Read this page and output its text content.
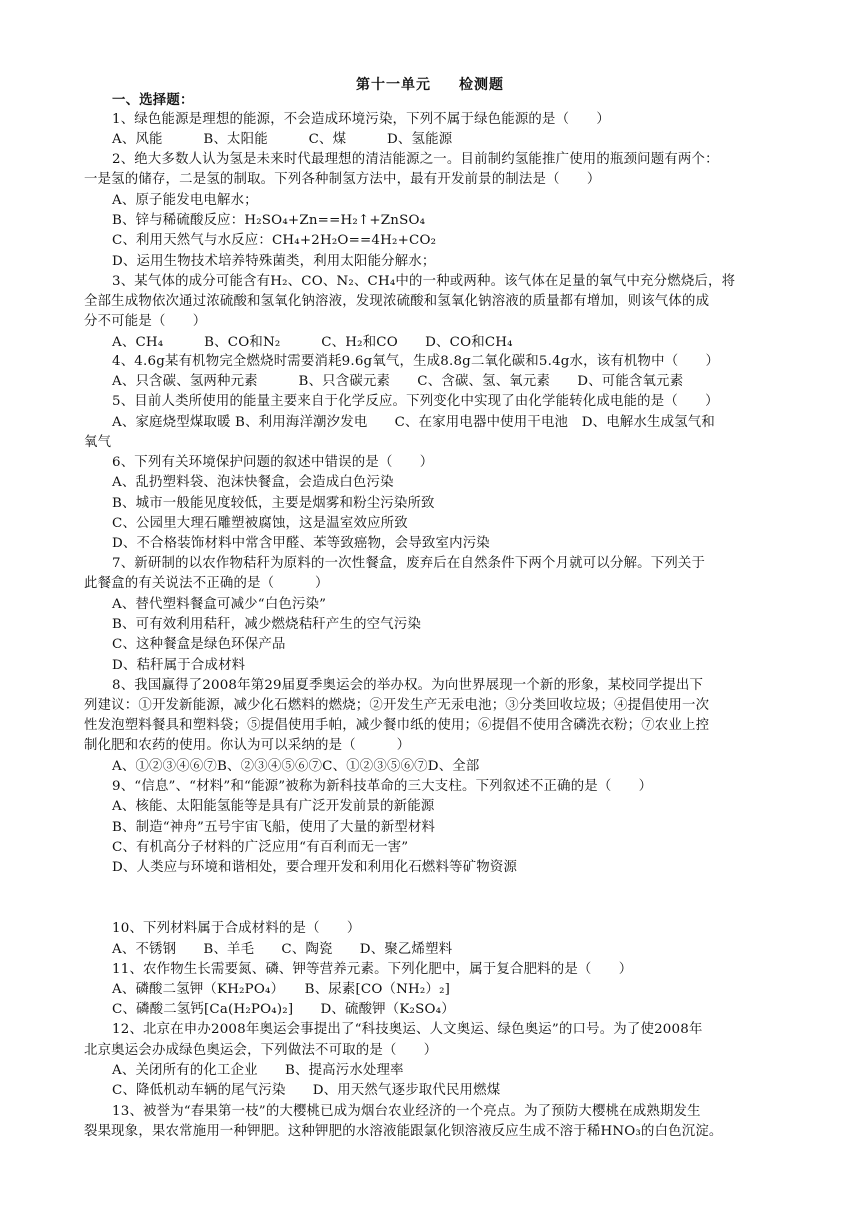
第十一单元 检测题
一、选择题：
1、绿色能源是理想的能源，不会造成环境污染，下列不属于绿色能源的是（　　）
A、风能　　　B、太阳能　　　C、煤　　　D、氢能源
2、绝大多数人认为氢是未来时代最理想的清洁能源之一。目前制约氢能推广使用的瓶颈问题有两个：
一是氢的储存，二是氢的制取。下列各种制氢方法中，最有开发前景的制法是（　　）
A、原子能发电电解水；
B、锌与稀硫酸反应：H₂SO₄+Zn==H₂↑+ZnSO₄
C、利用天然气与水反应：CH₄+2H₂O==4H₂+CO₂
D、运用生物技术培养特殊菌类，利用太阳能分解水；
3、某气体的成分可能含有H₂、CO、N₂、CH₄中的一种或两种。该气体在足量的氧气中充分燃烧后，将
全部生成物依次通过浓硫酸和氢氧化钠溶液，发现浓硫酸和氢氧化钠溶液的质量都有增加，则该气体的成
分不可能是（　　）
A、CH₄　　　B、CO和N₂　　　C、H₂和CO　　D、CO和CH₄
4、4.6g某有机物完全燃烧时需要消耗9.6g氧气，生成8.8g二氧化碳和5.4g水，该有机物中（　　）
A、只含碳、氢两种元素　　　B、只含碳元素　　C、含碳、氢、氧元素　　D、可能含氧元素
5、目前人类所使用的能量主要来自于化学反应。下列变化中实现了由化学能转化成电能的是（　　）
A、家庭烧型煤取暖 B、利用海洋潮汐发电　　C、在家用电器中使用干电池　D、电解水生成氢气和
氧气
6、下列有关环境保护问题的叙述中错误的是（　　）
A、乱扔塑料袋、泡沫快餐盒，会造成白色污染
B、城市一般能见度较低，主要是烟雾和粉尘污染所致
C、公园里大理石雕塑被腐蚀，这是温室效应所致
D、不合格装饰材料中常含甲醛、苯等致癌物，会导致室内污染
7、新研制的以农作物秸秆为原料的一次性餐盒，废弃后在自然条件下两个月就可以分解。下列关于
此餐盒的有关说法不正确的是（　　　）
A、替代塑料餐盒可减少“白色污染”
B、可有效利用秸秆，减少燃烧秸秆产生的空气污染
C、这种餐盒是绿色环保产品
D、秸秆属于合成材料
8、我国赢得了2008年第29届夏季奥运会的举办权。为向世界展现一个新的形象，某校同学提出下
列建议：①开发新能源，减少化石燃料的燃烧；②开发生产无汞电池；③分类回收垃圾；④提倡使用一次
性发泡塑料餐具和塑料袋；⑤提倡使用手帕，减少餐巾纸的使用；⑥提倡不使用含磷洗衣粉；⑦农业上控
制化肥和农药的使用。你认为可以采纳的是（　　　）
A、①②③④⑥⑦B、②③④⑤⑥⑦C、①②③⑤⑥⑦D、全部
9、“信息”、“材料”和“能源”被称为新科技革命的三大支柱。下列叙述不正确的是（　　）
A、核能、太阳能氢能等是具有广泛开发前景的新能源
B、制造“神舟”五号宇宙飞船，使用了大量的新型材料
C、有机高分子材料的广泛应用“有百利而无一害”
D、人类应与环境和谐相处，要合理开发和利用化石燃料等矿物资源
10、下列材料属于合成材料的是（　　）
A、不锈钢　　B、羊毛　　C、陶瓷　　D、聚乙烯塑料
11、农作物生长需要氮、磷、钾等营养元素。下列化肥中，属于复合肥料的是（　　）
A、磷酸二氢钾（KH₂PO₄）　　B、尿素[CO（NH₂）₂]
C、磷酸二氢钙[Ca(H₂PO₄)₂]　　D、硫酸钾（K₂SO₄）
12、北京在申办2008年奥运会事提出了“科技奥运、人文奥运、绿色奥运”的口号。为了使2008年
北京奥运会办成绿色奥运会，下列做法不可取的是（　　）
A、关闭所有的化工企业　　B、提高污水处理率
C、降低机动车辆的尾气污染　　D、用天然气逐步取代民用燃煤
13、被誉为“春果第一枝”的大樱桃已成为烟台农业经济的一个亮点。为了预防大樱桃在成熟期发生
裂果现象，果农常施用一种钾肥。这种钾肥的水溶液能跟氯化钡溶液反应生成不溶于稀HNO₃的白色沉淀。
